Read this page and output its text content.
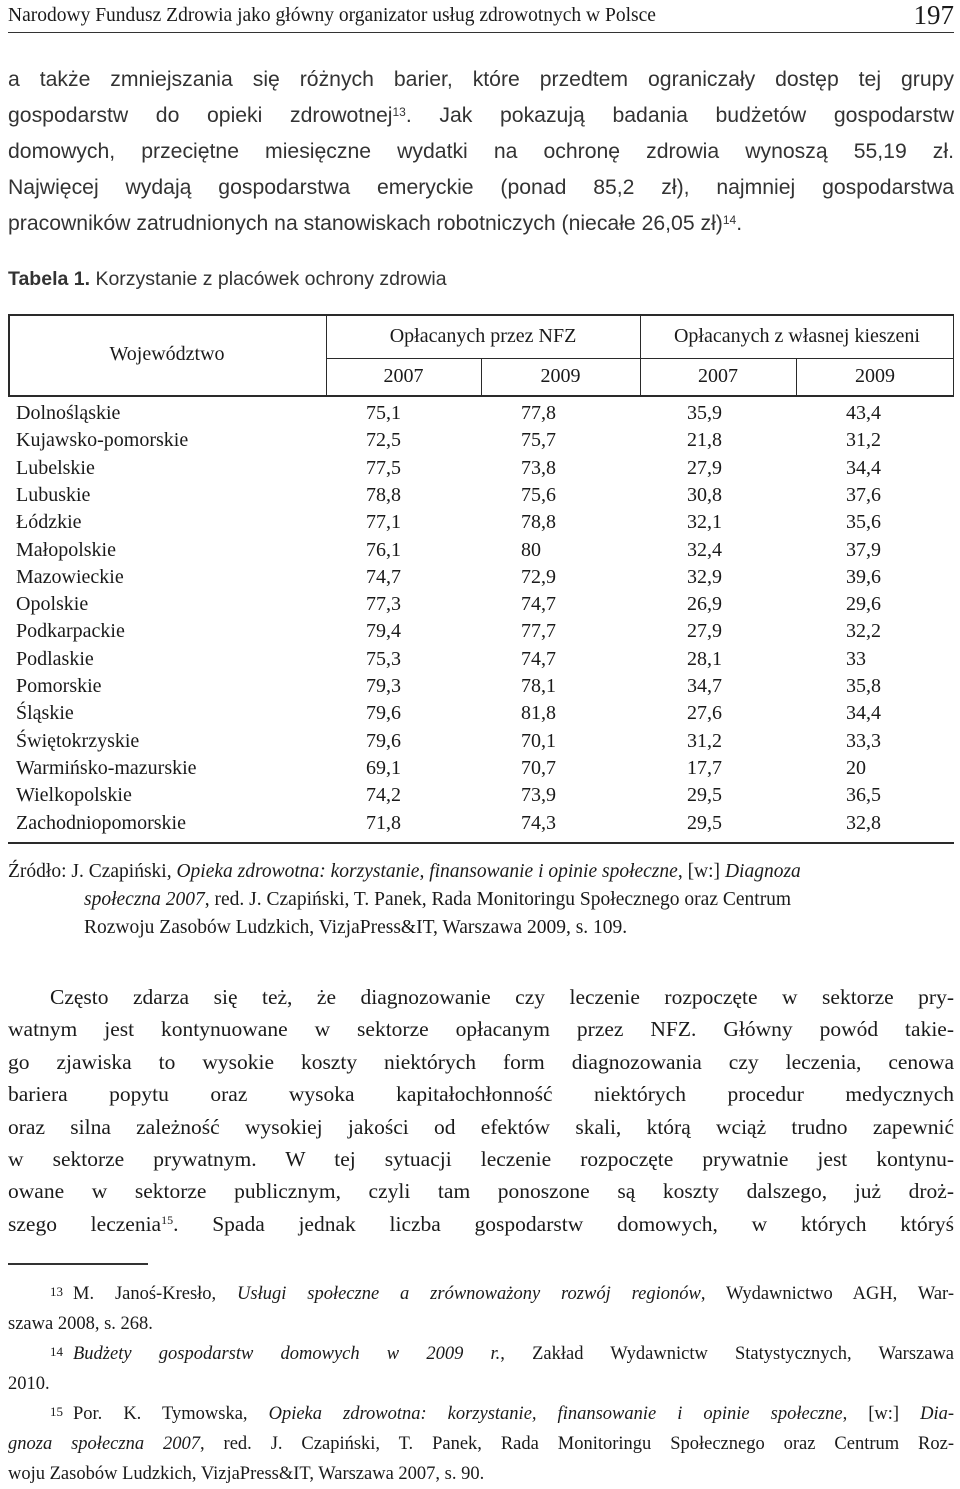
Narodowy Fundusz Zdrowia jako główny organizator usług zdrowotnych w Polsce	197
a także zmniejszania się różnych barier, które przedtem ograniczały dostęp tej grupy
gospodarstw do opieki zdrowotnej$^{13}$. Jak pokazują badania budżetów gospodarstw
domowych, przeciętne miesięczne wydatki na ochronę zdrowia wynoszą 55,19 zł.
Najwięcej wydają gospodarstwa emeryckie (ponad 85,2 zł), najmniej gospodarstwa
pracowników zatrudnionych na stanowiskach robotniczych (niecałe 26,05 zł)$^{14}$.
Tabela 1. Korzystanie z placówek ochrony zdrowia
Województwo
Opłacanych przez NFZ	Opłacanych z własnej kieszeni
2007	2009	2007	2009
Dolnośląskie	75,1	77,8	35,9	43,4
Kujawsko-pomorskie	72,5	75,7	21,8	31,2
Lubelskie	77,5	73,8	27,9	34,4
Lubuskie	78,8	75,6	30,8	37,6
Łódzkie	77,1	78,8	32,1	35,6
Małopolskie	76,1	80	32,4	37,9
Mazowieckie	74,7	72,9	32,9	39,6
Opolskie	77,3	74,7	26,9	29,6
Podkarpackie	79,4	77,7	27,9	32,2
Podlaskie	75,3	74,7	28,1	33
Pomorskie	79,3	78,1	34,7	35,8
Śląskie	79,6	81,8	27,6	34,4
Świętokrzyskie	79,6	70,1	31,2	33,3
Warmińsko-mazurskie	69,1	70,7	17,7	20
Wielkopolskie	74,2	73,9	29,5	36,5
Zachodniopomorskie	71,8	74,3	29,5	32,8
Źródło: J. Czapiński, Opieka zdrowotna: korzystanie, finansowanie i opinie społeczne, [w:] Diagnoza
społeczna 2007, red. J. Czapiński, T. Panek, Rada Monitoringu Społecznego oraz Centrum
Rozwoju Zasobów Ludzkich, VizjaPress&IT, Warszawa 2009, s. 109.
Często zdarza się też, że diagnozowanie czy leczenie rozpoczęte w sektorze pry-
watnym jest kontynuowane w sektorze opłacanym przez NFZ. Główny powód takie-
go zjawiska to wysokie koszty niektórych form diagnozowania czy leczenia, cenowa
bariera popytu oraz wysoka kapitałochłonność niektórych procedur medycznych
oraz silna zależność wysokiej jakości od efektów skali, którą wciąż trudno zapewnić
w sektorze prywatnym. W tej sytuacji leczenie rozpoczęte prywatnie jest kontynu-
owane w sektorze publicznym, czyli tam ponoszone są koszty dalszego, już droż-
szego leczenia$^{15}$. Spada jednak liczba gospodarstw domowych, w których któryś
$^{13}$ M. Janoś-Kresło, Usługi społeczne a zrównoważony rozwój regionów, Wydawnictwo AGH, War-
szawa 2008, s. 268.
$^{14}$ Budżety gospodarstw domowych w 2009 r., Zakład Wydawnictw Statystycznych, Warszawa
2010.
$^{15}$ Por. K. Tymowska, Opieka zdrowotna: korzystanie, finansowanie i opinie społeczne, [w:] Dia-
gnoza społeczna 2007, red. J. Czapiński, T. Panek, Rada Monitoringu Społecznego oraz Centrum Roz-
woju Zasobów Ludzkich, VizjaPress&IT, Warszawa 2007, s. 90.
